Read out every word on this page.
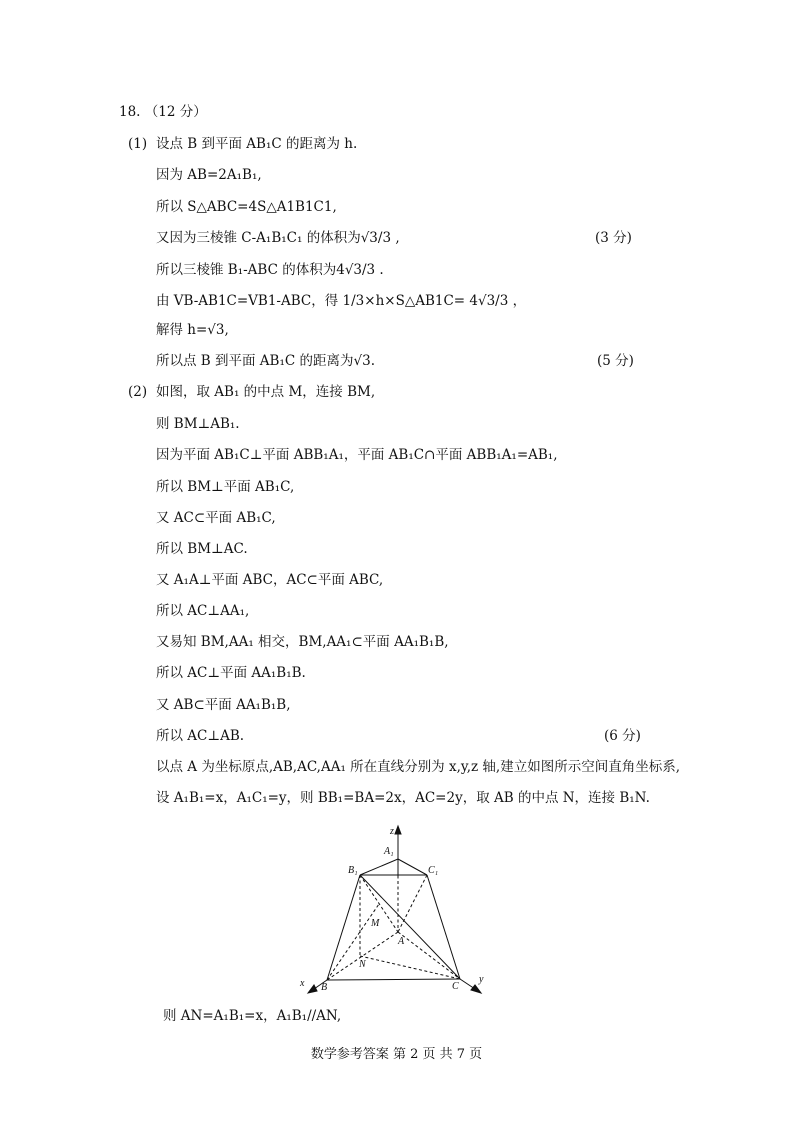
18. （12 分）
(1) 设点 B 到平面 AB₁C 的距离为 h.
因为 AB=2A₁B₁,
所以 S△ABC=4S△A1B1C1,
又因为三棱锥 C-A₁B₁C₁ 的体积为√3/3 ,	(3 分)
所以三棱锥 B₁-ABC 的体积为4√3/3 .
由 VB-AB1C=VB1-ABC，得 1/3×h×S△AB1C= 4√3/3 ，
解得 h=√3,
所以点 B 到平面 AB₁C 的距离为√3.	(5 分)
(2) 如图，取 AB₁ 的中点 M，连接 BM,
则 BM⊥AB₁.
因为平面 AB₁C⊥平面 ABB₁A₁，平面 AB₁C∩平面 ABB₁A₁=AB₁,
所以 BM⊥平面 AB₁C,
又 AC⊂平面 AB₁C,
所以 BM⊥AC.
又 A₁A⊥平面 ABC，AC⊂平面 ABC,
所以 AC⊥AA₁,
又易知 BM,AA₁ 相交，BM,AA₁⊂平面 AA₁B₁B,
所以 AC⊥平面 AA₁B₁B.
又 AB⊂平面 AA₁B₁B,
所以 AC⊥AB.	(6 分)
以点 A 为坐标原点,AB,AC,AA₁ 所在直线分别为 x,y,z 轴,建立如图所示空间直角坐标系,
设 A₁B₁=x，A₁C₁=y，则 BB₁=BA=2x，AC=2y，取 AB 的中点 N，连接 B₁N.
z
A₁
B₁	C₁
M
A
N
x B	C
y
则 AN=A₁B₁=x，A₁B₁//AN,
数学参考答案 第 2 页 共 7 页
